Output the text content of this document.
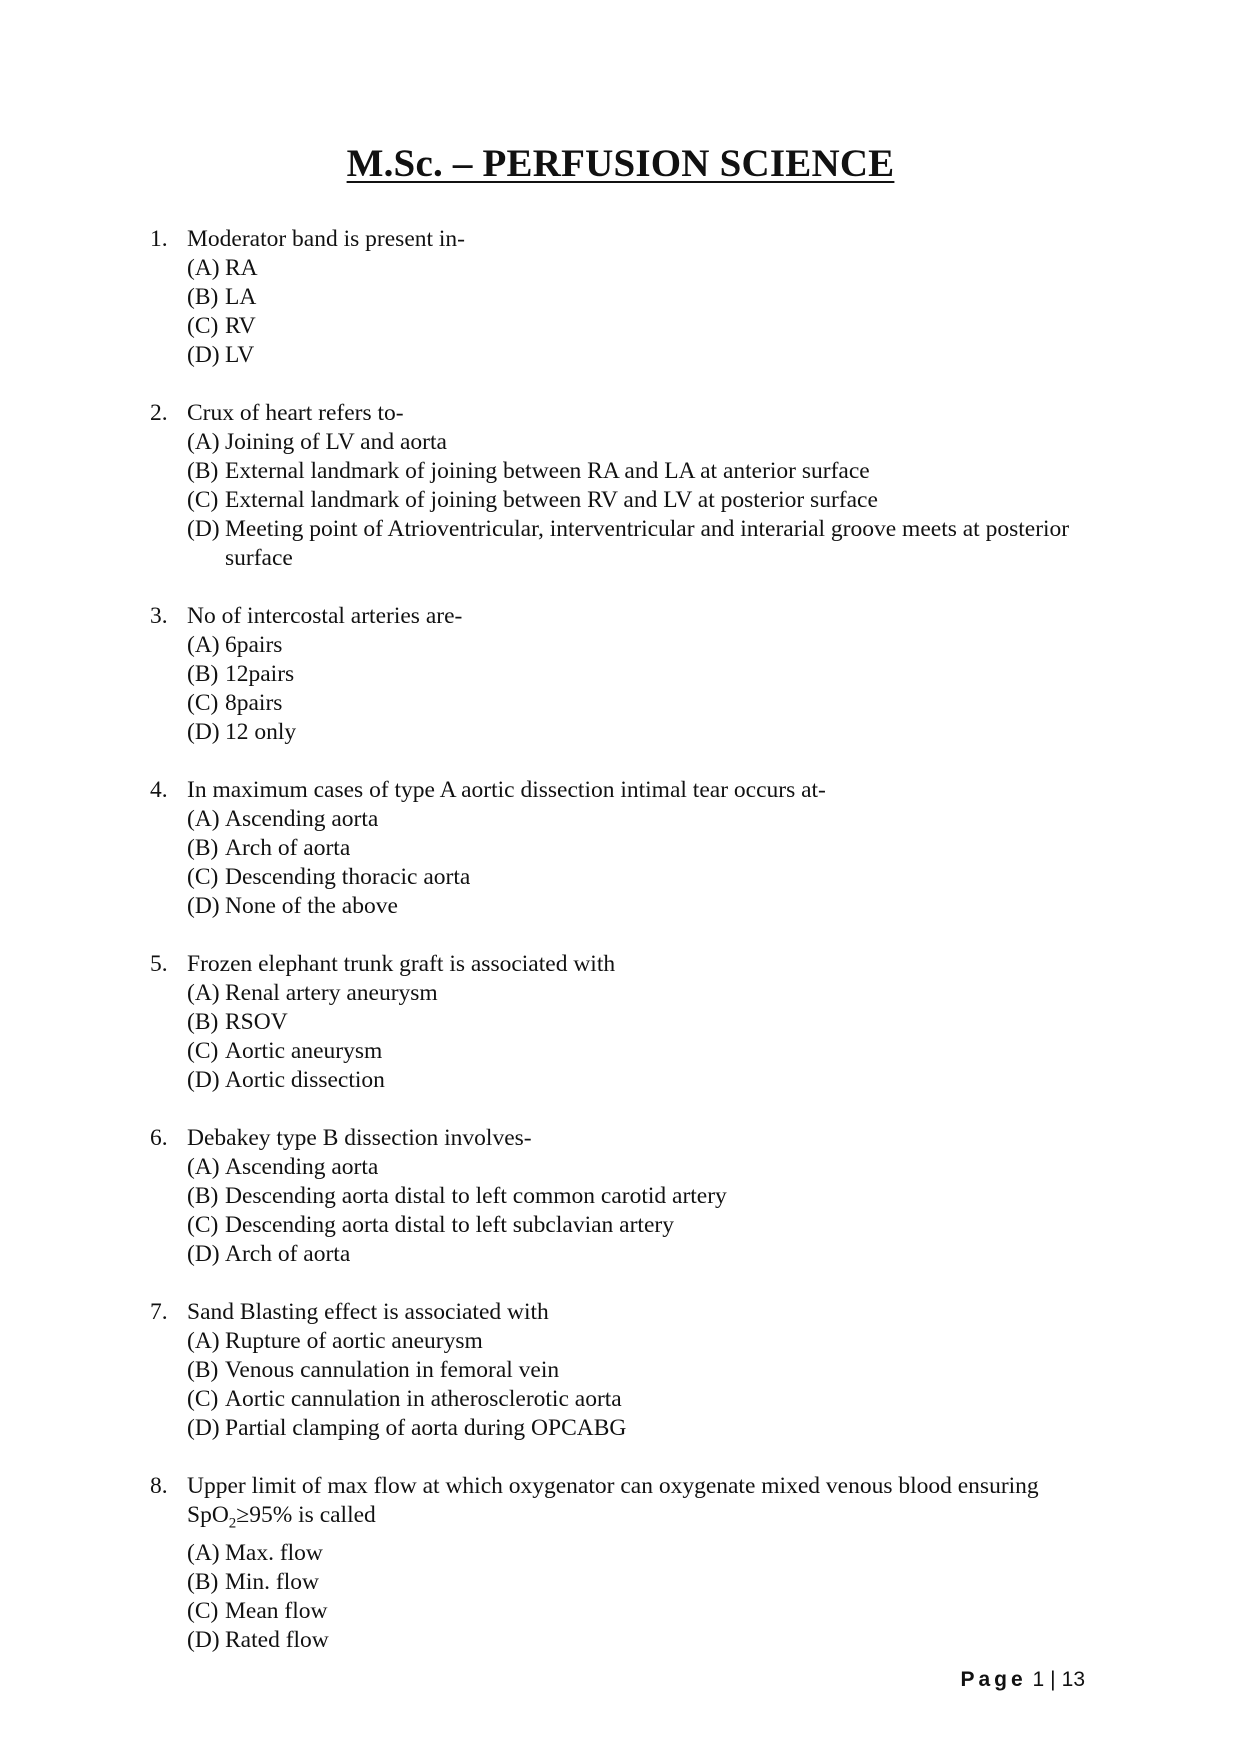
M.Sc. – PERFUSION SCIENCE
1. Moderator band is present in-
(A) RA
(B) LA
(C) RV
(D) LV
2. Crux of heart refers to-
(A) Joining of LV and aorta
(B) External landmark of joining between RA and LA at anterior surface
(C) External landmark of joining between RV and LV at posterior surface
(D) Meeting point of Atrioventricular, interventricular and interarial groove meets at posterior surface
3. No of intercostal arteries are-
(A) 6pairs
(B) 12pairs
(C) 8pairs
(D) 12 only
4. In maximum cases of type A aortic dissection intimal tear occurs at-
(A) Ascending aorta
(B) Arch of aorta
(C) Descending thoracic aorta
(D) None of the above
5. Frozen elephant trunk graft is associated with
(A) Renal artery aneurysm
(B) RSOV
(C) Aortic aneurysm
(D) Aortic dissection
6. Debakey type B dissection involves-
(A) Ascending aorta
(B) Descending aorta distal to left common carotid artery
(C) Descending aorta distal to left subclavian artery
(D) Arch of aorta
7. Sand Blasting effect is associated with
(A) Rupture of aortic aneurysm
(B) Venous cannulation in femoral vein
(C) Aortic cannulation in atherosclerotic aorta
(D) Partial clamping of aorta during OPCABG
8. Upper limit of max flow at which oxygenator can oxygenate mixed venous blood ensuring SpO$_2$≥95% is called
(A) Max. flow
(B) Min. flow
(C) Mean flow
(D) Rated flow
Page 1 | 13
